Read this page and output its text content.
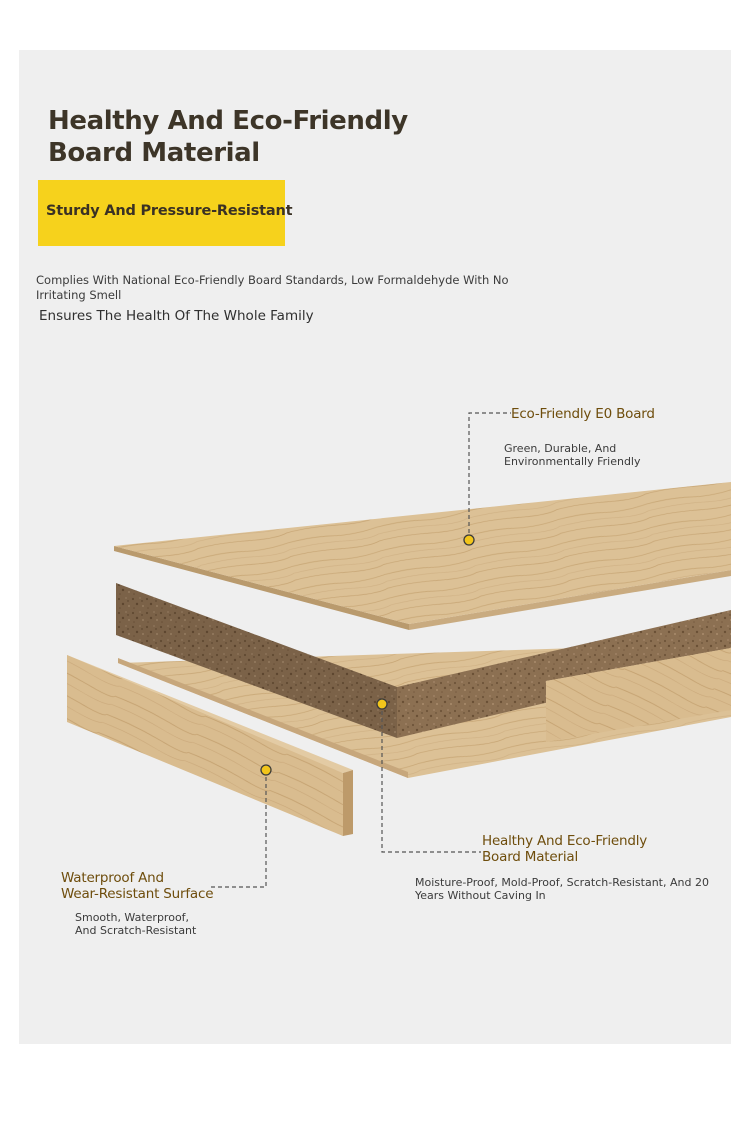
Healthy And Eco-Friendly
Board Material
Sturdy And Pressure-Resistant
Complies With National Eco-Friendly Board Standards, Low Formaldehyde With No Irritating Smell
Ensures The Health Of The Whole Family
Eco-Friendly E0 Board
Green, Durable, And
Environmentally Friendly
Healthy And Eco-Friendly
Board Material
Moisture-Proof, Mold-Proof, Scratch-Resistant, And 20
Years Without Caving In
Waterproof And
Wear-Resistant Surface
Smooth, Waterproof,
And Scratch-Resistant
